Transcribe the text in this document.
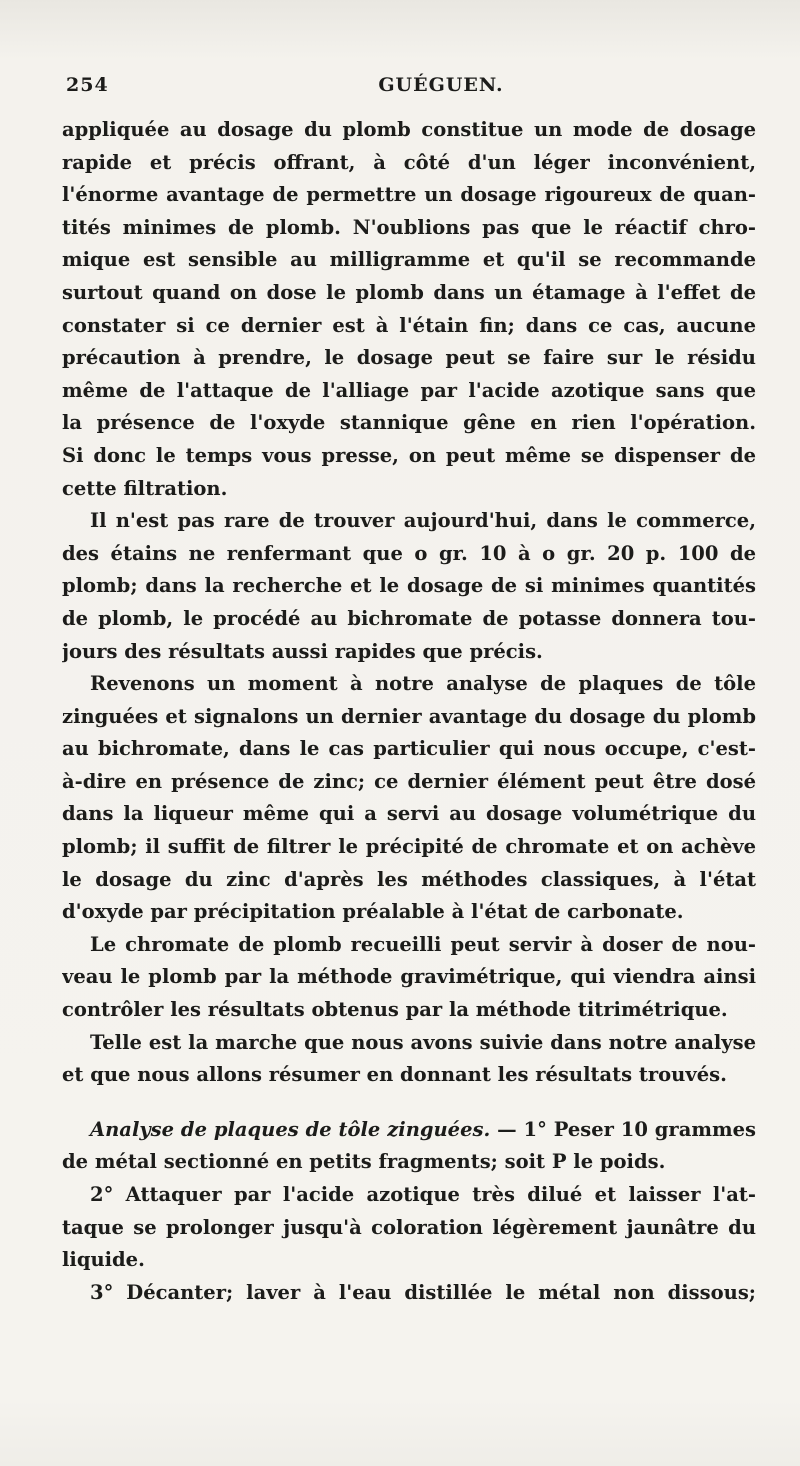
254	GUÉGUEN.
appliquée au dosage du plomb constitue un mode de dosage
rapide et précis offrant, à côté d'un léger inconvénient,
l'énorme avantage de permettre un dosage rigoureux de quan-
tités minimes de plomb. N'oublions pas que le réactif chro-
mique est sensible au milligramme et qu'il se recommande
surtout quand on dose le plomb dans un étamage à l'effet de
constater si ce dernier est à l'étain fin; dans ce cas, aucune
précaution à prendre, le dosage peut se faire sur le résidu
même de l'attaque de l'alliage par l'acide azotique sans que
la présence de l'oxyde stannique gêne en rien l'opération.
Si donc le temps vous presse, on peut même se dispenser de
cette filtration.
Il n'est pas rare de trouver aujourd'hui, dans le commerce,
des étains ne renfermant que o gr. 10 à o gr. 20 p. 100 de
plomb; dans la recherche et le dosage de si minimes quantités
de plomb, le procédé au bichromate de potasse donnera tou-
jours des résultats aussi rapides que précis.
Revenons un moment à notre analyse de plaques de tôle
zinguées et signalons un dernier avantage du dosage du plomb
au bichromate, dans le cas particulier qui nous occupe, c'est-
à-dire en présence de zinc; ce dernier élément peut être dosé
dans la liqueur même qui a servi au dosage volumétrique du
plomb; il suffit de filtrer le précipité de chromate et on achève
le dosage du zinc d'après les méthodes classiques, à l'état
d'oxyde par précipitation préalable à l'état de carbonate.
Le chromate de plomb recueilli peut servir à doser de nou-
veau le plomb par la méthode gravimétrique, qui viendra ainsi
contrôler les résultats obtenus par la méthode titrimétrique.
Telle est la marche que nous avons suivie dans notre analyse
et que nous allons résumer en donnant les résultats trouvés.
Analyse de plaques de tôle zinguées. — 1° Peser 10 grammes
de métal sectionné en petits fragments; soit P le poids.
2° Attaquer par l'acide azotique très dilué et laisser l'at-
taque se prolonger jusqu'à coloration légèrement jaunâtre du
liquide.
3° Décanter; laver à l'eau distillée le métal non dissous;
